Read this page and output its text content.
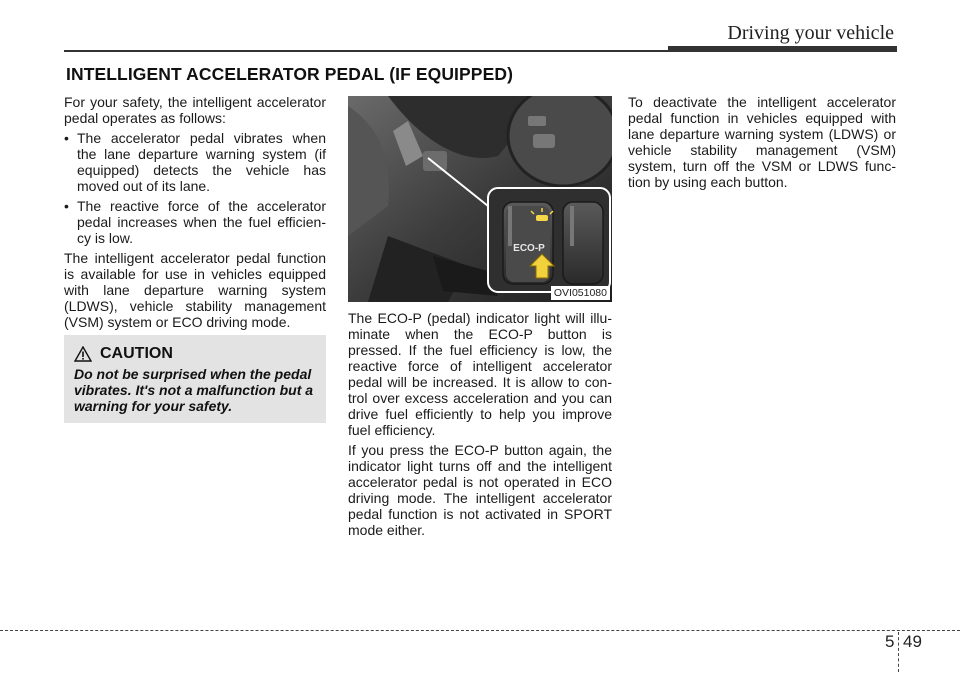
Driving your vehicle
INTELLIGENT ACCELERATOR PEDAL (IF EQUIPPED)

For your safety, the intelligent accelerator pedal operates as follows:

• The accelerator pedal vibrates when the lane departure warning system (if equipped) detects the vehicle has moved out of its lane.
• The reactive force of the accelerator pedal increases when the fuel efficien-cy is low.

The intelligent accelerator pedal function is available for use in vehicles equipped with lane departure warning system (LDWS), vehicle stability management (VSM) system or ECO driving mode.

CAUTION
Do not be surprised when the pedal vibrates. It's not a malfunction but a warning for your safety.
ECO-P
OVI051080

The ECO-P (pedal) indicator light will illu-minate when the ECO-P button is pressed. If the fuel efficiency is low, the reactive force of intelligent accelerator pedal will be increased. It is allow to con-trol over excess acceleration and you can drive fuel efficiently to help you improve fuel efficiency.

If you press the ECO-P button again, the indicator light turns off and the intelligent accelerator pedal is not operated in ECO driving mode. The intelligent accelerator pedal function is not activated in SPORT mode either.

To deactivate the intelligent accelerator pedal function in vehicles equipped with lane departure warning system (LDWS) or vehicle stability management (VSM) system, turn off the VSM or LDWS func-tion by using each button.

5 49
